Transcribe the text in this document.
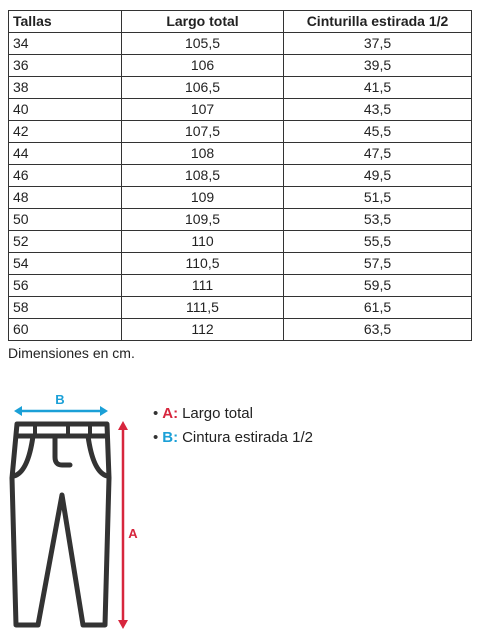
Tallas	Largo total	Cinturilla estirada 1/2
34	105,5	37,5
36	106	39,5
38	106,5	41,5
40	107	43,5
42	107,5	45,5
44	108	47,5
46	108,5	49,5
48	109	51,5
50	109,5	53,5
52	110	55,5
54	110,5	57,5
56	111	59,5
58	111,5	61,5
60	112	63,5
Dimensiones en cm.
B
A
• A: Largo total
• B: Cintura estirada 1/2
